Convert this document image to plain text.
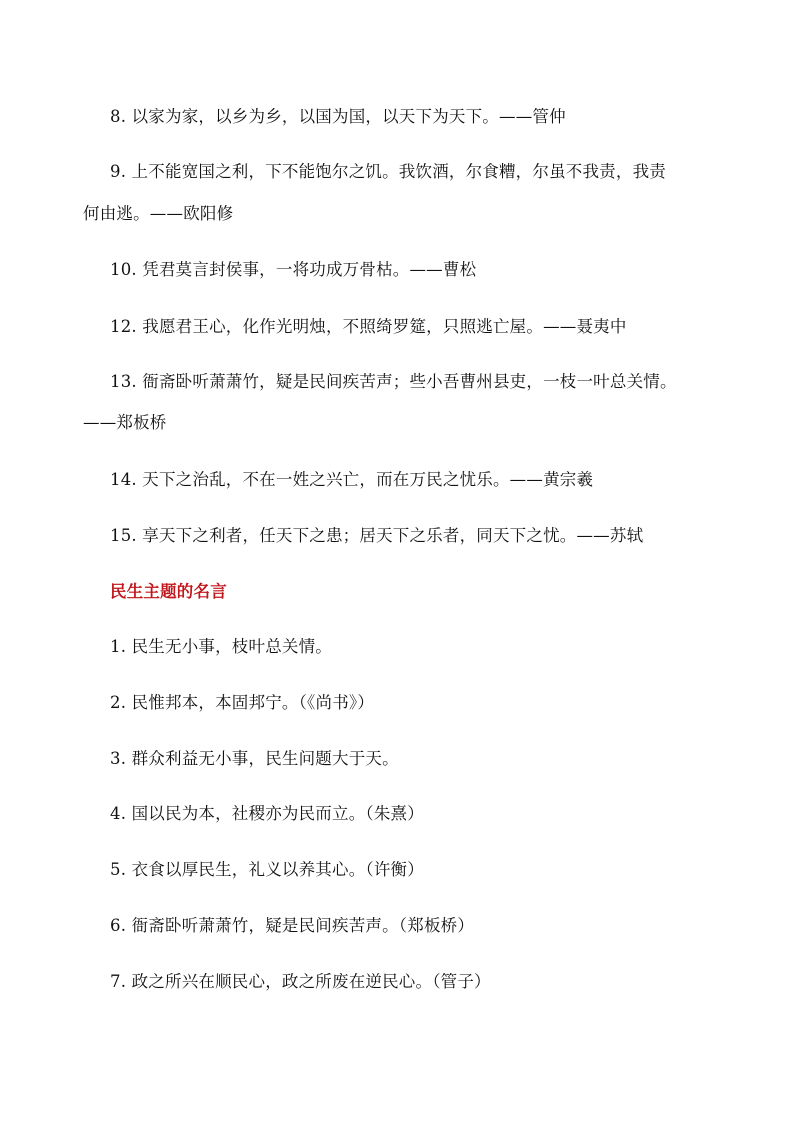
8. 以家为家，以乡为乡，以国为国，以天下为天下。——管仲
9. 上不能宽国之利，下不能饱尔之饥。我饮酒，尔食糟，尔虽不我责，我责
何由逃。——欧阳修
10. 凭君莫言封侯事，一将功成万骨枯。——曹松
12. 我愿君王心，化作光明烛，不照绮罗筵，只照逃亡屋。——聂夷中
13. 衙斋卧听萧萧竹，疑是民间疾苦声；些小吾曹州县吏，一枝一叶总关情。
——郑板桥
14. 天下之治乱，不在一姓之兴亡，而在万民之忧乐。——黄宗羲
15. 享天下之利者，任天下之患；居天下之乐者，同天下之忧。——苏轼
民生主题的名言
1. 民生无小事，枝叶总关情。
2. 民惟邦本，本固邦宁。（《尚书》）
3. 群众利益无小事，民生问题大于天。
4. 国以民为本，社稷亦为民而立。（朱熹）
5. 衣食以厚民生，礼义以养其心。（许衡）
6. 衙斋卧听萧萧竹，疑是民间疾苦声。（郑板桥）
7. 政之所兴在顺民心，政之所废在逆民心。（管子）
